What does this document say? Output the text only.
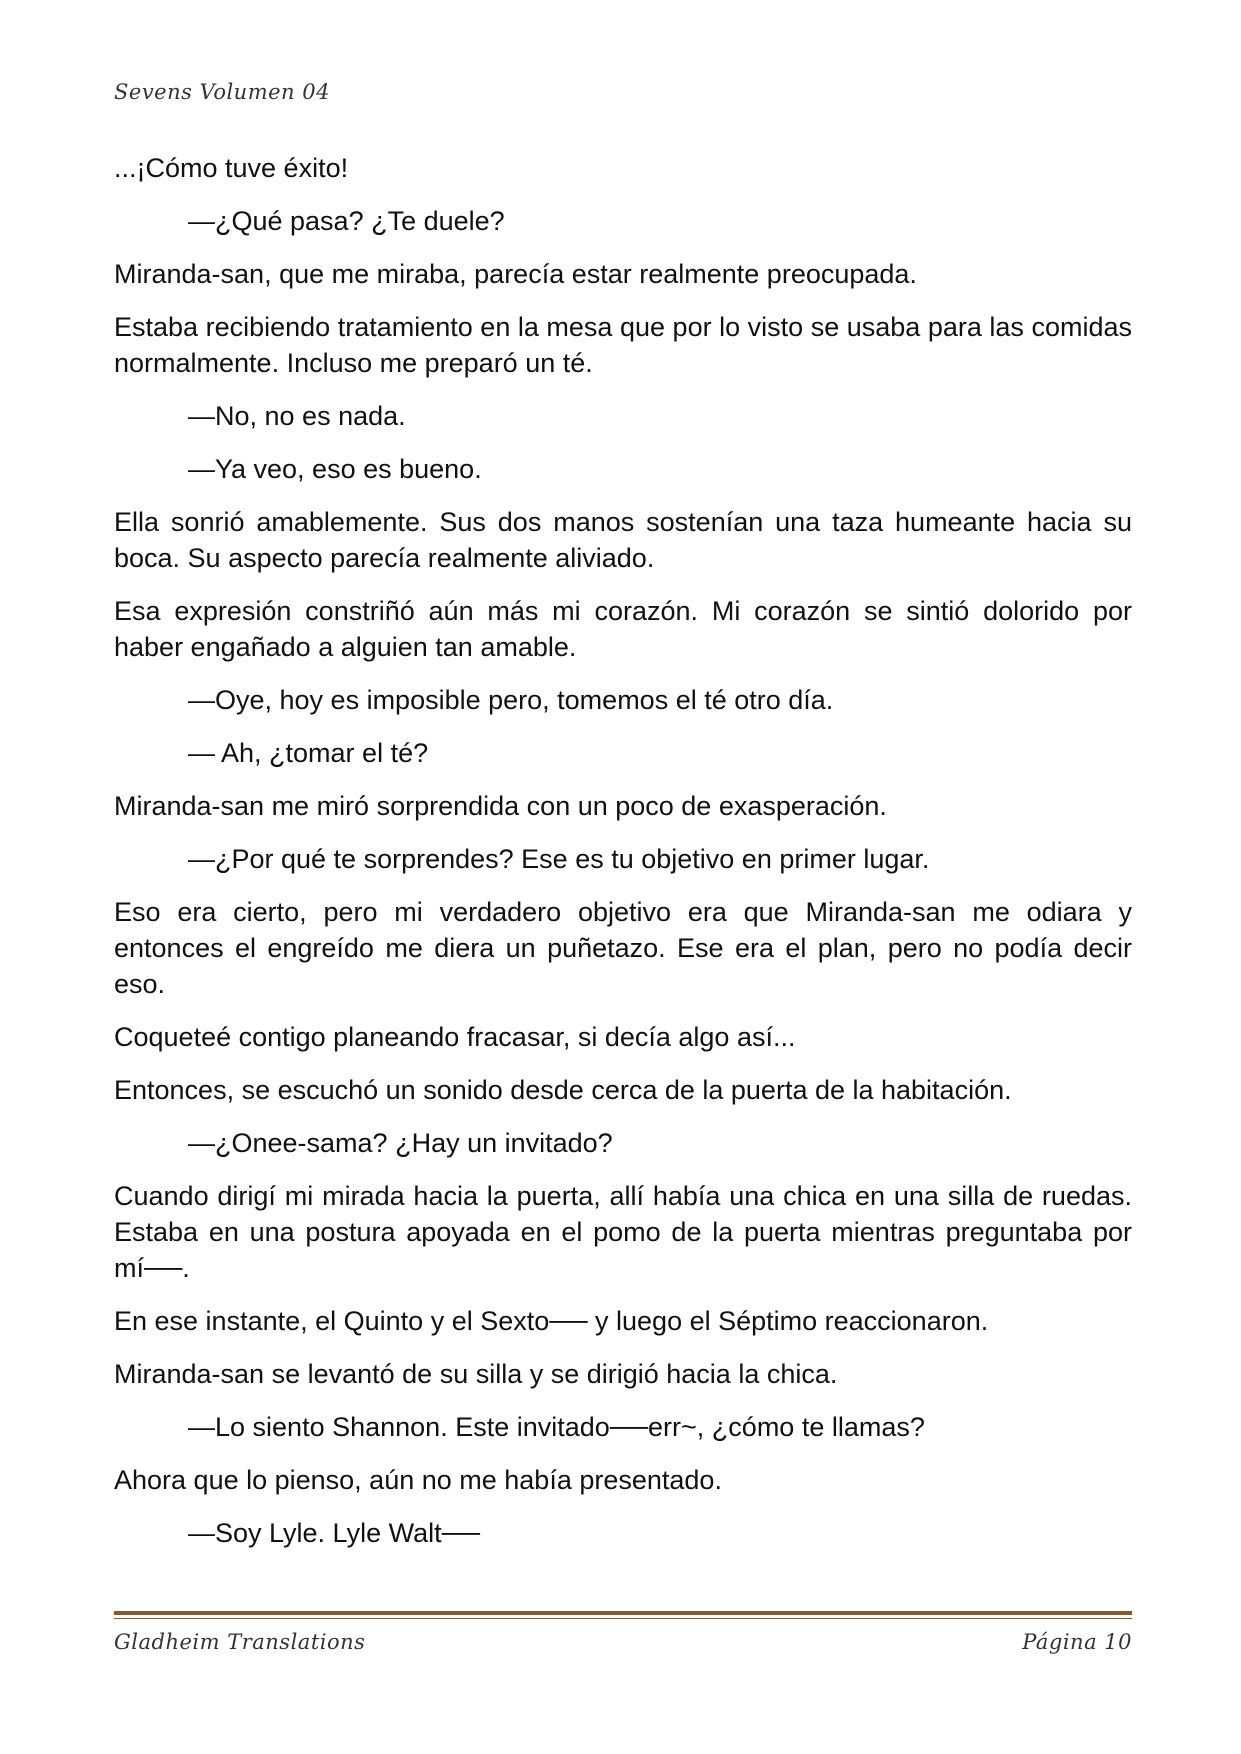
Sevens Volumen 04

...¡Cómo tuve éxito!

—¿Qué pasa? ¿Te duele?

Miranda-san, que me miraba, parecía estar realmente preocupada.

Estaba recibiendo tratamiento en la mesa que por lo visto se usaba para las comidas normalmente. Incluso me preparó un té.

—No, no es nada.

—Ya veo, eso es bueno.

Ella sonrió amablemente. Sus dos manos sostenían una taza humeante hacia su boca. Su aspecto parecía realmente aliviado.

Esa expresión constriñó aún más mi corazón. Mi corazón se sintió dolorido por haber engañado a alguien tan amable.

—Oye, hoy es imposible pero, tomemos el té otro día.

— Ah, ¿tomar el té?

Miranda-san me miró sorprendida con un poco de exasperación.

—¿Por qué te sorprendes? Ese es tu objetivo en primer lugar.

Eso era cierto, pero mi verdadero objetivo era que Miranda-san me odiara y entonces el engreído me diera un puñetazo. Ese era el plan, pero no podía decir eso.

Coqueteé contigo planeando fracasar, si decía algo así...

Entonces, se escuchó un sonido desde cerca de la puerta de la habitación.

—¿Onee-sama? ¿Hay un invitado?

Cuando dirigí mi mirada hacia la puerta, allí había una chica en una silla de ruedas. Estaba en una postura apoyada en el pomo de la puerta mientras preguntaba por mí──.

En ese instante, el Quinto y el Sexto── y luego el Séptimo reaccionaron.

Miranda-san se levantó de su silla y se dirigió hacia la chica.

—Lo siento Shannon. Este invitado──err~, ¿cómo te llamas?

Ahora que lo pienso, aún no me había presentado.

—Soy Lyle. Lyle Walt──

Gladheim Translations	Página 10
